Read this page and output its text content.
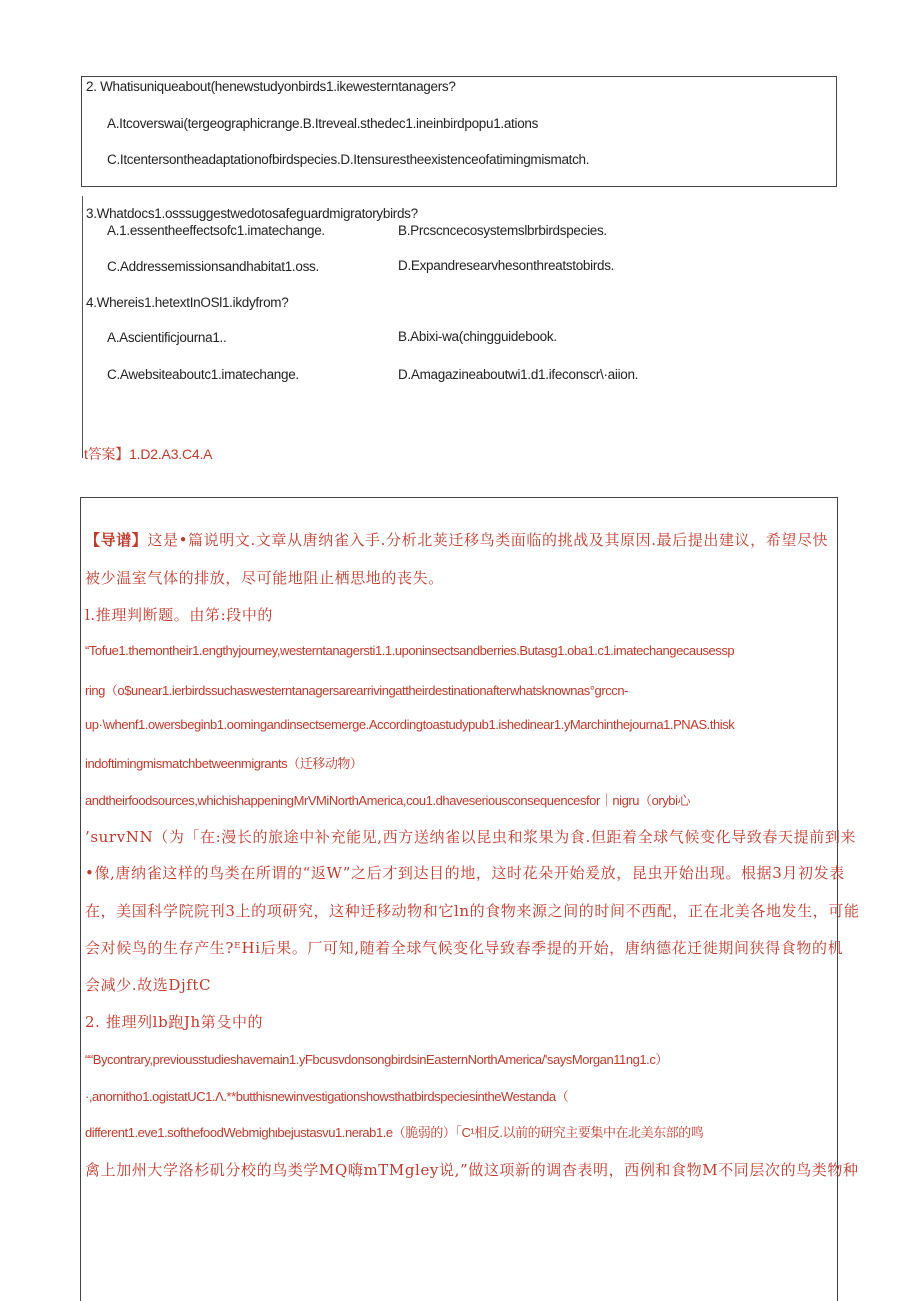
2. Whatisuniqueabout(henewstudyonbirds1.ikewesterntanagers?
A.Itcoverswai(tergeographicrange.B.Itreveal.sthedec1.ineinbirdpopu1.ations
C.Itcentersontheadaptationofbirdspecies.D.Itensurestheexistenceofatimingmismatch.
3.Whatdocs1.osssuggestwedotosafeguardmigratorybirds?
A.1.essentheeffectsofc1.imatechange.	B.Prcscncecosystemslbrbirdspecies.
C.Addressemissionsandhabitat1.oss.	D.Expandresearvhesonthreatstobirds.
4.Whereis1.hetextInOSl1.ikdyfrom?
A.Ascientificjourna1..	B.Abixi-wa(chingguidebook.
C.Awebsiteaboutc1.imatechange.	D.Amagazineaboutwi1.d1.ifeconscr\·aiion.
t答案】1.D2.A3.C4.A
【导谱】这是•篇说明文.文章从唐纳雀入手.分析北荚迁移鸟类面临的挑战及其原因.最后提出建议，希望尽快
被少温室气体的排放，尽可能地阻止栖思地的丧失。
l.推理判断题。由笫:段中的
“Tofue1.themontheir1.engthyjourney,westerntanagersti1.1.uponinsectsandberries.Butasg1.oba1.c1.imatechangecausessp
ring（o$unear1.ierbirdssuchaswesterntanagersarearrivingattheirdestinationafterwhatsknownas°grccn-
up·\whenf1.owersbeginb1.oomingandinsectsemerge.Accordingtoastudypub1.ishedinear1.yMarchinthejourna1.PNAS.thisk
indoftimingmismatchbetweenmigrants（迁移动物）
andtheirfoodsources,whichishappeningMrVMiNorthAmerica,cou1.dhaveseriousconsequencesfor｜nigru（orybi心
’survNN（为「在:漫长的旅途中补充能见,西方送纳雀以昆虫和浆果为食.但距着全球气候变化导致春天提前到来
•像,唐纳雀这样的鸟类在所谓的“返W”之后才到达目的地，这时花朵开始爰放，昆虫开始出现。根据3月初发表
在，美国科学院院刊3上的项研究，这种迁移动物和它ln的食物来源之间的时间不西配，正在北美各地发生，可能
会对候鸟的生存产生?ᴱHi后果。厂可知,随着全球气候变化导致春季提的开始，唐纳德花迁徙期间狭得食物的机
会减少.故选DjftC
2. 推理列lb跑Jh第殳中的
““Bycontrary,previousstudieshavemain1.yFbcusvdonsongbirdsinEasternNorthAmerica/'saysMorgan11ng1.c）
·,anornitho1.ogistatUC1.Λ.**butthisnewinvestigationshowsthatbirdspeciesintheWestanda（
different1.eve1.softhefoodWebmighιbejustasvu1.nerab1.e（脆弱的）「C¹相反.以前的研究主要集中在北美东部的鸣
禽上加州大学洛杉矶分校的鸟类学MQ嗨mTMgley说,”做这项新的调杳表明，西例和食物M不同层次的鸟类物种
